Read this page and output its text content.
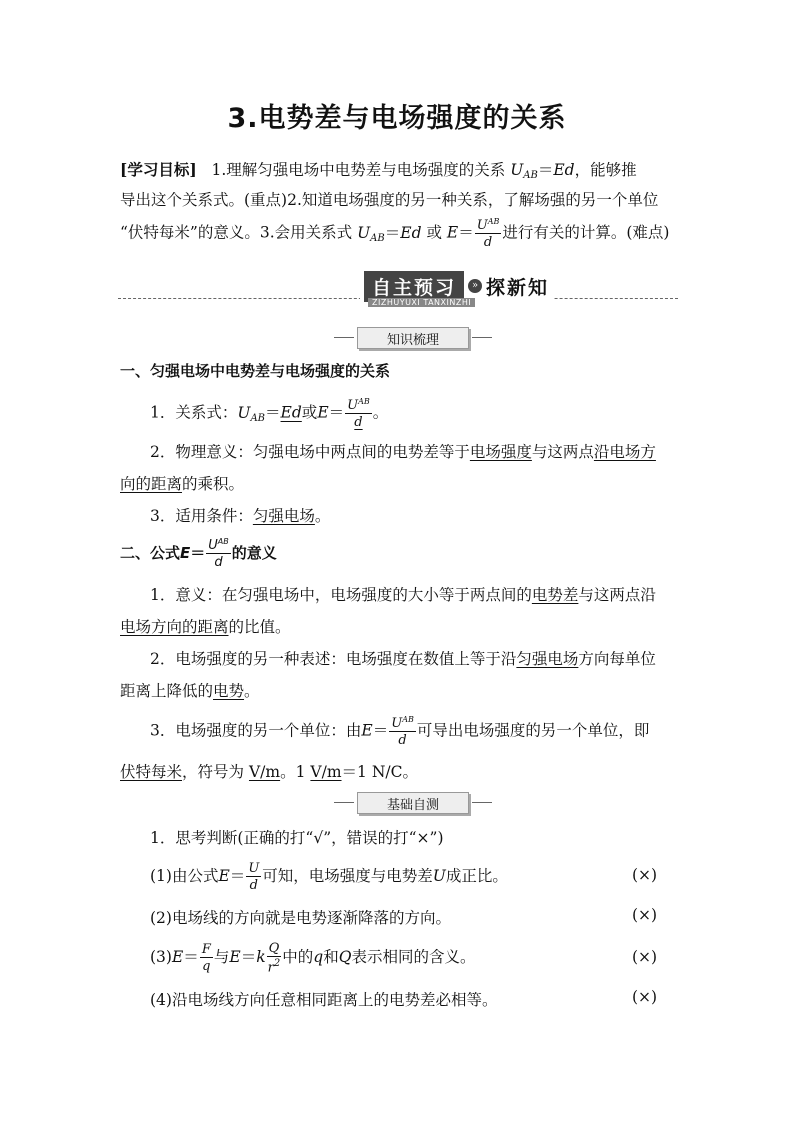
3.电势差与电场强度的关系
[学习目标] 1.理解匀强电场中电势差与电场强度的关系 $U_{AB}=Ed$，能够推
导出这个关系式。(重点)2.知道电场强度的另一种关系，了解场强的另一个单位
“伏特每米”的意义。3.会用关系式 $U_{AB}=Ed$ 或 $E= \frac{U^{AB}}{d}$ 进行有关的计算。(难点)
自主预习	» 探新知
ZIZHUYUXI TANXINZHI
知识梳理
一、匀强电场中电势差与电场强度的关系
1．关系式：$U_{AB}=Ed$或$E= \frac{U^{AB}}{d}$ 。
2．物理意义：匀强电场中两点间的电势差等于电场强度与这两点沿电场方
向的距离的乘积。
3．适用条件：匀强电场。
二、公式$E= \frac{U^{AB}}{d}$ 的意义
1．意义：在匀强电场中，电场强度的大小等于两点间的电势差与这两点沿
电场方向的距离的比值。
2．电场强度的另一种表述：电场强度在数值上等于沿匀强电场方向每单位
距离上降低的电势。
3．电场强度的另一个单位：由$E= \frac{U^{AB}}{d}$ 可导出电场强度的另一个单位，即
伏特每米，符号为 V/m。1 V/m＝1 N/C。
基础自测
1．思考判断(正确的打“√”，错误的打“×”)
(1)由公式$E= \frac{U}{d}$ 可知，电场强度与电势差U成正比。	(×)
(2)电场线的方向就是电势逐渐降落的方向。	(×)
$(3)E= \frac{F}{q}$ 与$E=k \frac{Q}{r^2}$ 中的q和Q表示相同的含义。	(×)
(4)沿电场线方向任意相同距离上的电势差必相等。	(×)
